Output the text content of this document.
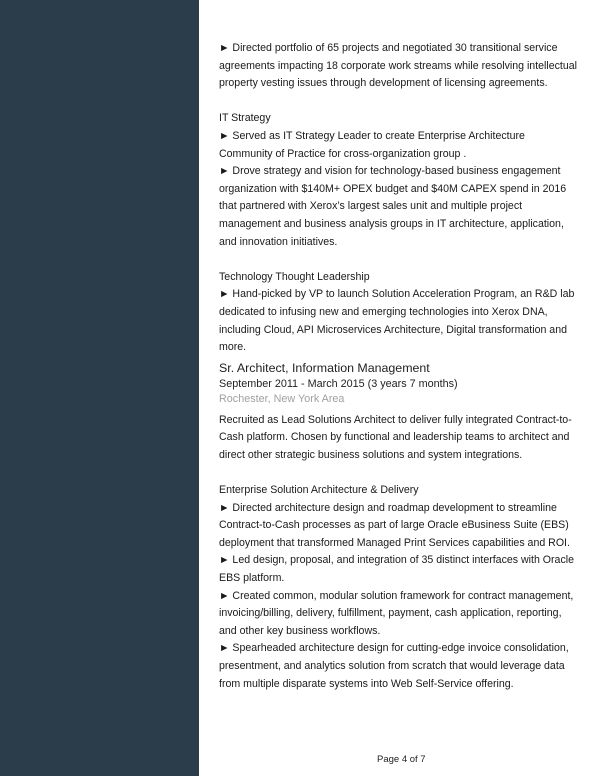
► Directed portfolio of 65 projects and negotiated 30 transitional service agreements impacting 18 corporate work streams while resolving intellectual property vesting issues through development of licensing agreements.

IT Strategy

► Served as IT Strategy Leader to create Enterprise Architecture Community of Practice for cross-organization group .

► Drove strategy and vision for technology-based business engagement organization with $140M+ OPEX budget and $40M CAPEX spend in 2016 that partnered with Xerox’s largest sales unit and multiple project management and business analysis groups in IT architecture, application, and innovation initiatives.

Technology Thought Leadership

► Hand-picked by VP to launch Solution Acceleration Program, an R&D lab dedicated to infusing new and emerging technologies into Xerox DNA, including Cloud, API Microservices Architecture, Digital transformation and more.

Sr. Architect, Information Management
September 2011 - March 2015 (3 years 7 months)
Rochester, New York Area

Recruited as Lead Solutions Architect to deliver fully integrated Contract-to-Cash platform. Chosen by functional and leadership teams to architect and direct other strategic business solutions and system integrations.

Enterprise Solution Architecture & Delivery

► Directed architecture design and roadmap development to streamline Contract-to-Cash processes as part of large Oracle eBusiness Suite (EBS) deployment that transformed Managed Print Services capabilities and ROI.

► Led design, proposal, and integration of 35 distinct interfaces with Oracle EBS platform.

► Created common, modular solution framework for contract management, invoicing/billing, delivery, fulfillment, payment, cash application, reporting, and other key business workflows.

► Spearheaded architecture design for cutting-edge invoice consolidation, presentment, and analytics solution from scratch that would leverage data from multiple disparate systems into Web Self-Service offering.

Page 4 of 7
